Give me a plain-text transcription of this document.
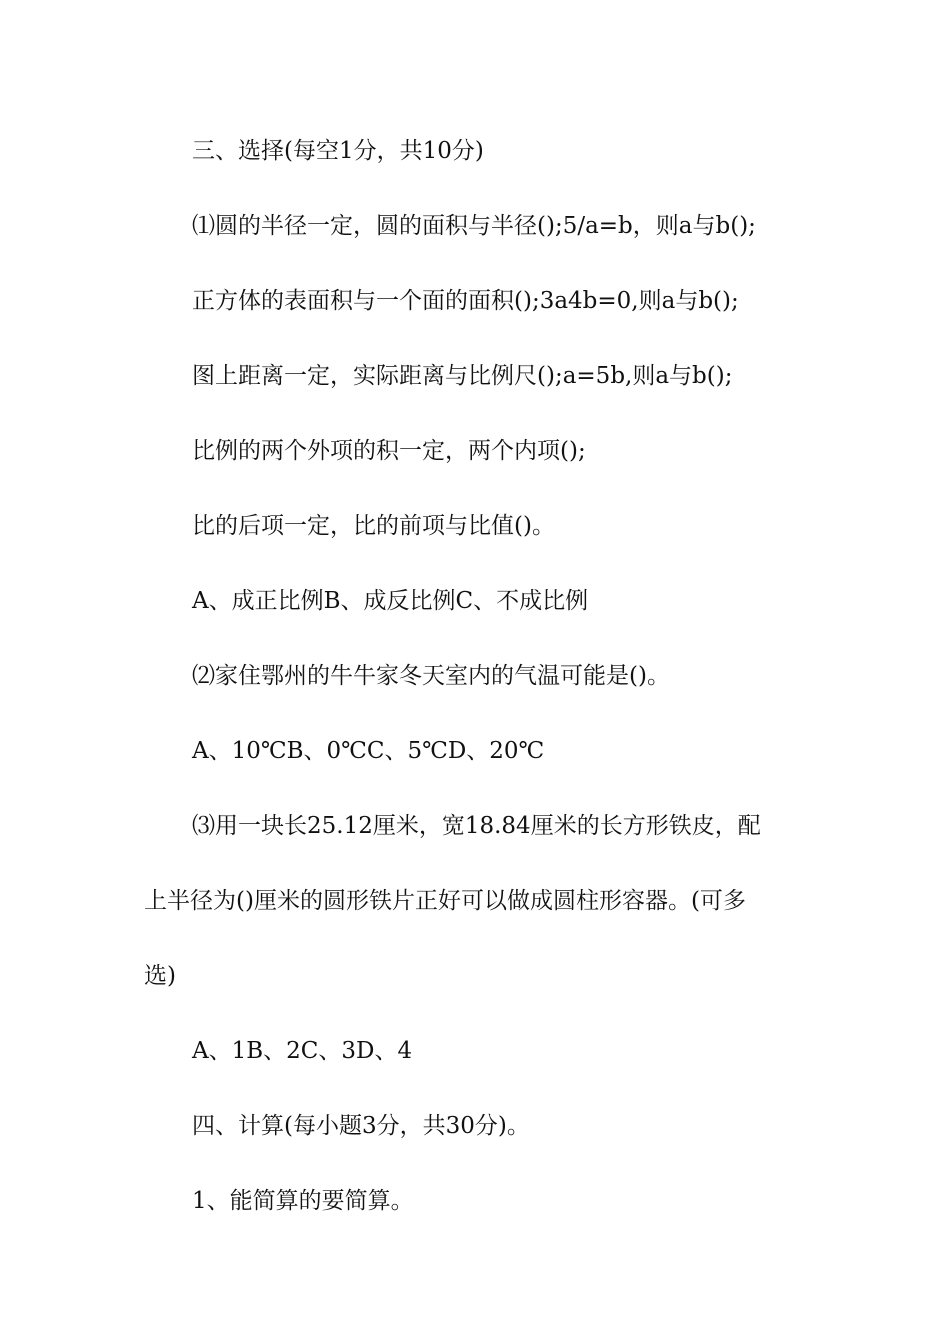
三、选择(每空1分，共10分)
⑴圆的半径一定，圆的面积与半径();5/a=b，则a与b();
正方体的表面积与一个面的面积();3a4b=0,则a与b();
图上距离一定，实际距离与比例尺();a=5b,则a与b();
比例的两个外项的积一定，两个内项();
比的后项一定，比的前项与比值()。
A、成正比例B、成反比例C、不成比例
⑵家住鄂州的牛牛家冬天室内的气温可能是()。
A、10℃B、0℃C、5℃D、20℃
⑶用一块长25.12厘米，宽18.84厘米的长方形铁皮，配
上半径为()厘米的圆形铁片正好可以做成圆柱形容器。(可多
选)
A、1B、2C、3D、4
四、计算(每小题3分，共30分)。
1、能简算的要简算。
